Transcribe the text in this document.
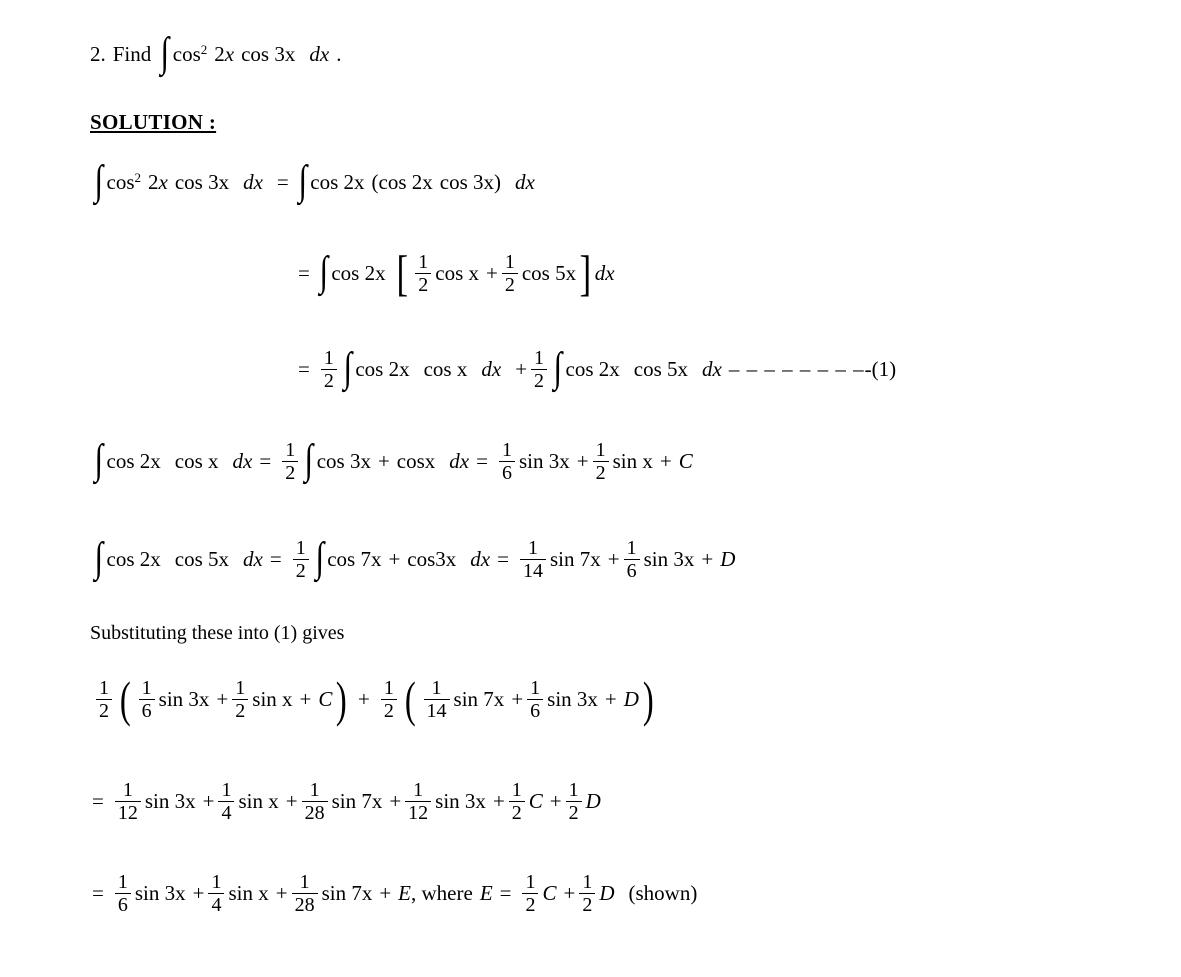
2. Find ∫ cos 2 2 x cos 3x dx .
SOLUTION :
∫ cos 2 2 x cos 3x dx = ∫ cos 2x ( cos 2x cos 3x ) dx
= ∫ cos 2x [ $\frac{1}{2}$ $\cos x + \frac{1}{2}$ cos 5x ] dx
= $\frac{1}{2}$ ∫ cos 2x cos x dx + $\frac{1}{2}$ ∫ cos 2x cos 5x dx – – – – – – – – -(1)
∫ cos 2x cos x dx = $\frac{1}{2}$ ∫ cos 3x + cosx dx = $\frac{1}{6}$ $\sin 3x + \frac{1}{2}$ sin x + C
∫ cos 2x cos 5x dx = $\frac{1}{2}$ ∫ cos 7x + cos3x dx = $\frac{1}{14}$ $\sin 7x + \frac{1}{6}$ sin 3x + D
Substituting these into (1) gives
$\frac{1}{2}$ ( $\frac{1}{6}$ $\sin 3x + \frac{1}{2}$ sin x + C ) + $\frac{1}{2}$ ( $\frac{1}{14}$ $\sin 7x + \frac{1}{6}$ sin 3x + D )
= $\frac{1}{12}$ $\sin 3x + \frac{1}{4}$ $\sin x + \frac{1}{28}$ $\sin 7x + \frac{1}{12}$ $\sin 3x + \frac{1}{2}$ $C + \frac{1}{2}$ D
= $\frac{1}{6}$ $\sin 3x + \frac{1}{4}$ $\sin x + \frac{1}{28}$ sin 7x + E , where $E = \frac{1}{2}$ $C + \frac{1}{2}$ D (shown)
